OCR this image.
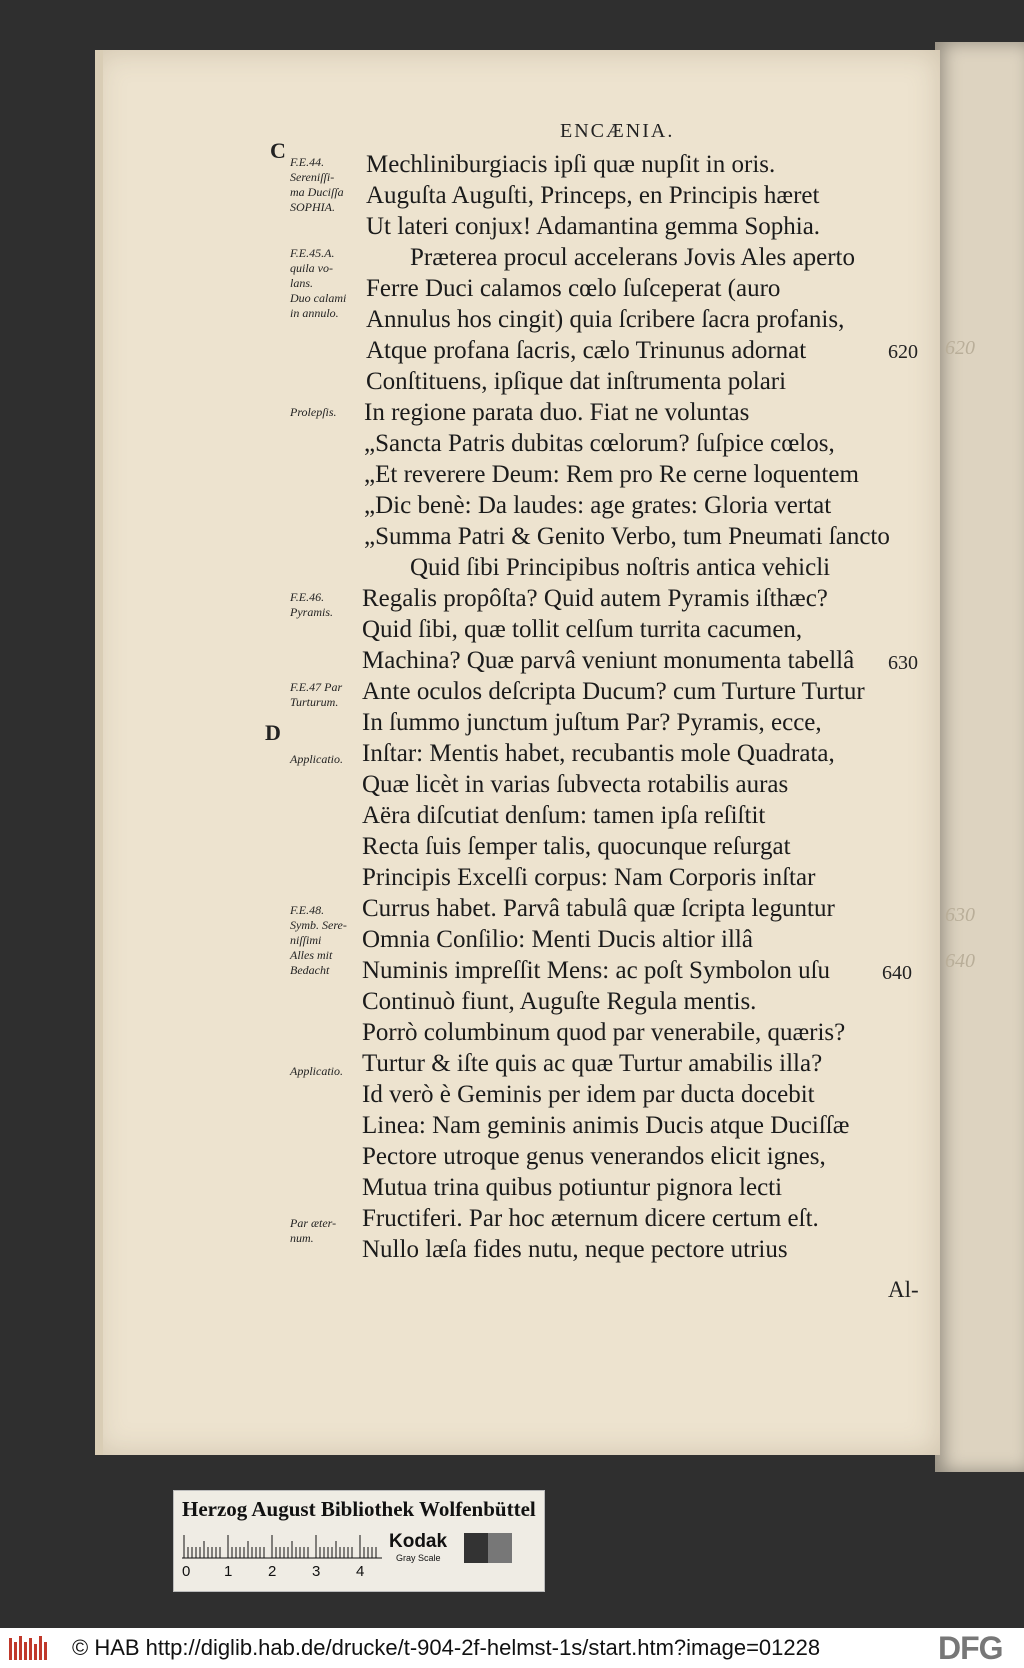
620
630
640
ENCÆNIA.
C
D
Mechliniburgiacis ipſi quæ nupſit in oris.
Auguſta Auguſti, Princeps, en Principis hæret
Ut lateri conjux! Adamantina gemma Sophia.
Præterea procul accelerans Jovis Ales aperto
Ferre Duci calamos cœlo ſuſceperat (auro
Annulus hos cingit) quia ſcribere ſacra profanis,
Atque profana ſacris, cælo Trinunus adornat
Conſtituens, ipſique dat inſtrumenta polari
In regione parata duo. Fiat ne voluntas
„Sancta Patris dubitas cœlorum? ſuſpice cœlos,
„Et reverere Deum: Rem pro Re cerne loquentem
„Dic benè: Da laudes: age grates: Gloria vertat
„Summa Patri & Genito Verbo, tum Pneumati ſancto
Quid ſibi Principibus noſtris antica vehicli
Regalis propôſta? Quid autem Pyramis iſthæc?
Quid ſibi, quæ tollit celſum turrita cacumen,
Machina? Quæ parvâ veniunt monumenta tabellâ
Ante oculos deſcripta Ducum? cum Turture Turtur
In ſummo junctum juſtum Par? Pyramis, ecce,
Inſtar: Mentis habet, recubantis mole Quadrata,
Quæ licèt in varias ſubvecta rotabilis auras
Aëra diſcutiat denſum: tamen ipſa reſiſtit
Recta ſuis ſemper talis, quocunque reſurgat
Principis Excelſi corpus: Nam Corporis inſtar
Currus habet. Parvâ tabulâ quæ ſcripta leguntur
Omnia Conſilio: Menti Ducis altior illâ
Numinis impreſſit Mens: ac poſt Symbolon uſu
Continuò fiunt, Auguſte Regula mentis.
Porrò columbinum quod par venerabile, quæris?
Turtur & iſte quis ac quæ Turtur amabilis illa?
Id verò è Geminis per idem par ducta docebit
Linea: Nam geminis animis Ducis atque Duciſſæ
Pectore utroque genus venerandos elicit ignes,
Mutua trina quibus potiuntur pignora lecti
Fructiferi. Par hoc æternum dicere certum eſt.
Nullo læſa fides nutu, neque pectore utrius
F.E.44.
Sereniſſi-
ma Duciſſa
SOPHIA.
F.E.45.A.
quila vo-
lans.
Duo calami
in annulo.
Prolepſis.
F.E.46.
Pyramis.
F.E.47 Par
Turturum.
Applicatio.
F.E.48.
Symb. Sere-
niſſimi
Alles mit
Bedacht
Applicatio.
Par æter-
num.
620
630
640
Al-
Herzog August Bibliothek Wolfenbüttel
0 1 2 3 4
Kodak
Gray Scale
© HAB http://diglib.hab.de/drucke/t-904-2f-helmst-1s/start.htm?image=01228	DFG
